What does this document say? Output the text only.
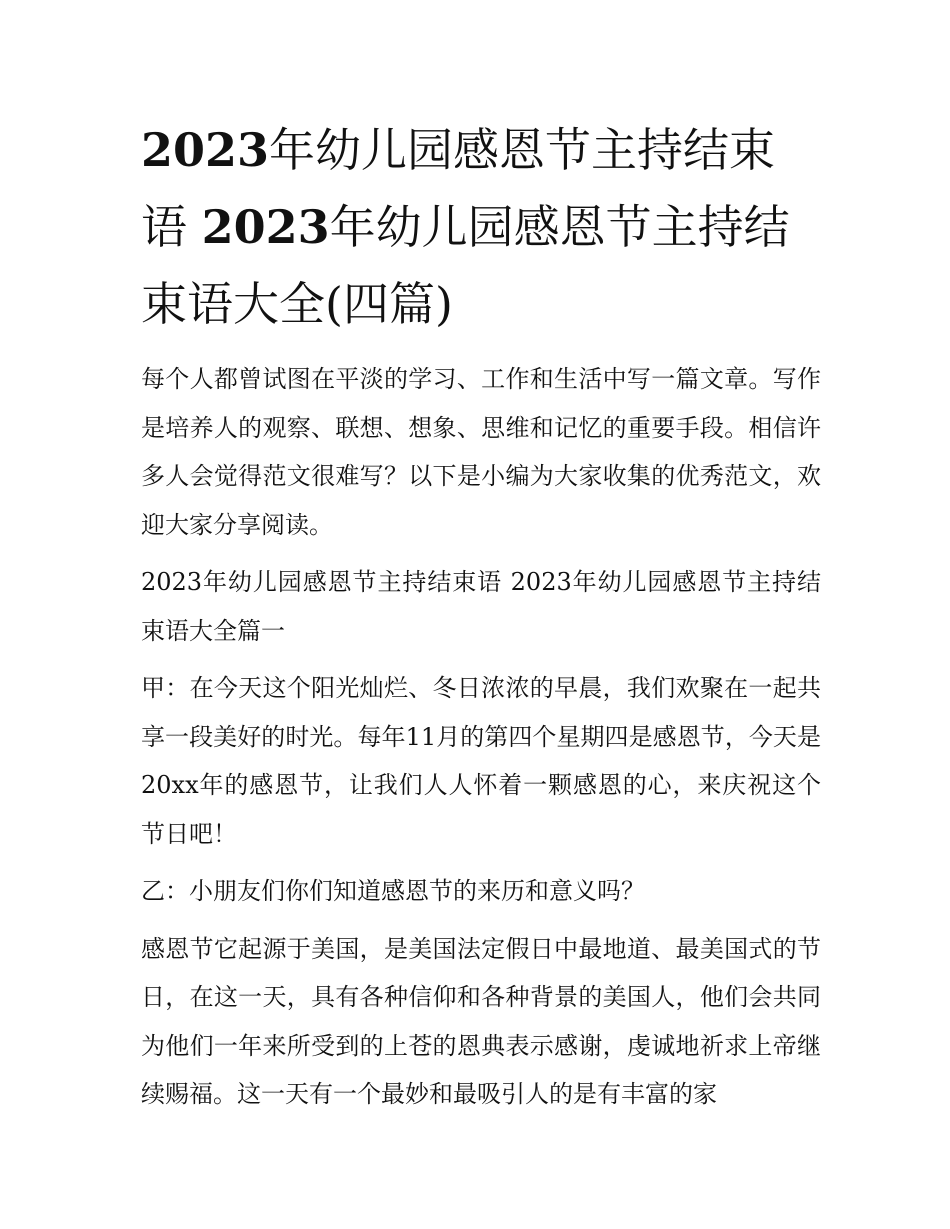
2023年幼儿园感恩节主持结束语 2023年幼儿园感恩节主持结束语大全(四篇)

每个人都曾试图在平淡的学习、工作和生活中写一篇文章。写作是培养人的观察、联想、想象、思维和记忆的重要手段。相信许多人会觉得范文很难写？以下是小编为大家收集的优秀范文，欢迎大家分享阅读。

2023年幼儿园感恩节主持结束语 2023年幼儿园感恩节主持结束语大全篇一

甲：在今天这个阳光灿烂、冬日浓浓的早晨，我们欢聚在一起共享一段美好的时光。每年11月的第四个星期四是感恩节，今天是20xx年的感恩节，让我们人人怀着一颗感恩的心，来庆祝这个节日吧！

乙：小朋友们你们知道感恩节的来历和意义吗？

感恩节它起源于美国，是美国法定假日中最地道、最美国式的节日，在这一天，具有各种信仰和各种背景的美国人，他们会共同为他们一年来所受到的上苍的恩典表示感谢，虔诚地祈求上帝继续赐福。这一天有一个最妙和最吸引人的是有丰富的家
